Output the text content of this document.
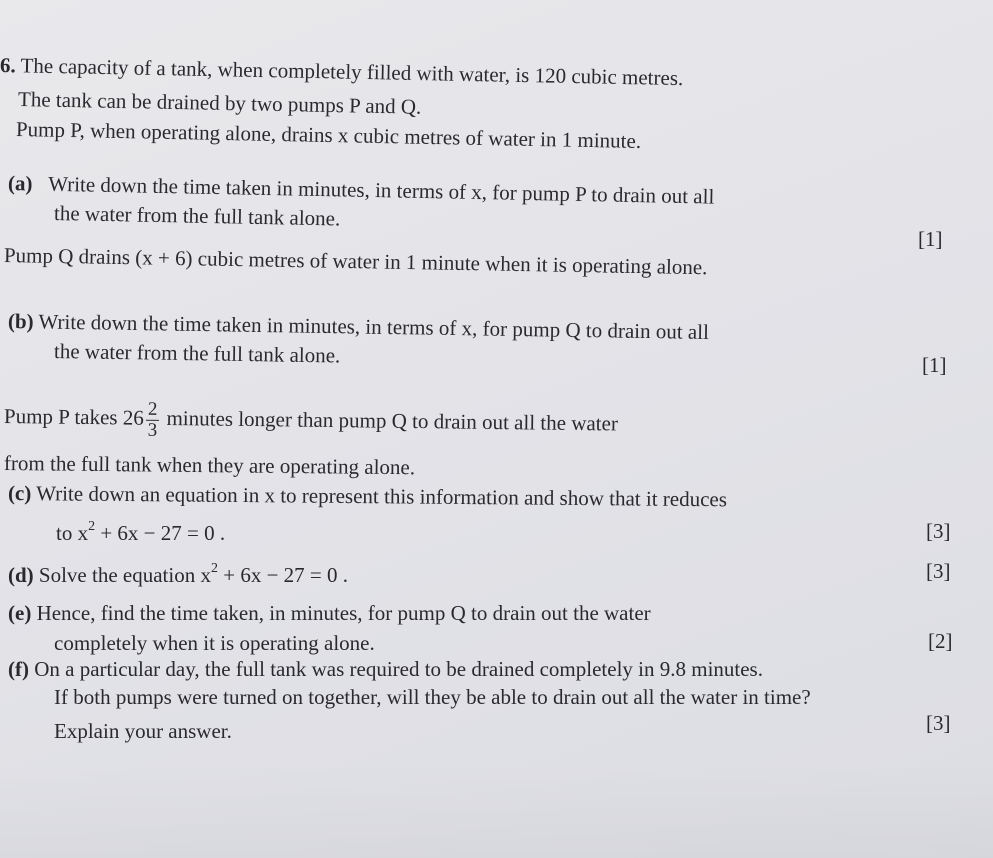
6. The capacity of a tank, when completely filled with water, is 120 cubic metres.
The tank can be drained by two pumps P and Q.
Pump P, when operating alone, drains x cubic metres of water in 1 minute.
(a) Write down the time taken in minutes, in terms of x, for pump P to drain out all
the water from the full tank alone.
[1]
Pump Q drains (x + 6) cubic metres of water in 1 minute when it is operating alone.
(b) Write down the time taken in minutes, in terms of x, for pump Q to drain out all
the water from the full tank alone.	[1]
Pump P takes $26 \frac{2}{3}$ minutes longer than pump Q to drain out all the water
from the full tank when they are operating alone.
(c) Write down an equation in x to represent this information and show that it reduces
to $x^2 + 6x - 27 = 0$ .	[3]
(d) Solve the equation $x^2 + 6x - 27 = 0$ .	[3]
(e) Hence, find the time taken, in minutes, for pump Q to drain out the water
completely when it is operating alone.	[2]
(f) On a particular day, the full tank was required to be drained completely in 9.8 minutes.
If both pumps were turned on together, will they be able to drain out all the water in time?
Explain your answer.	[3]
